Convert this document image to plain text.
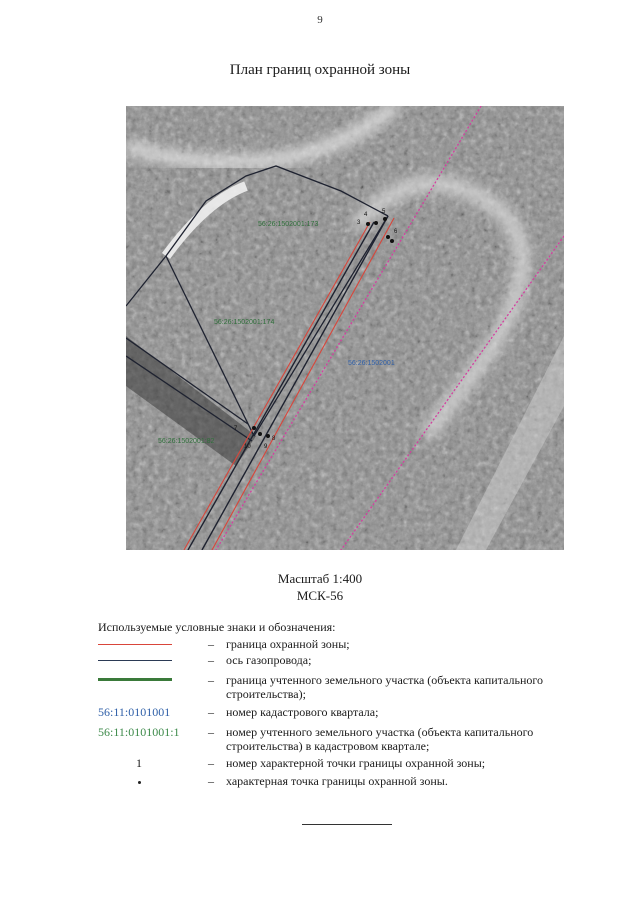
9
План границ охранной зоны
3
4 5
6
7
8
9
10
56:26:1502001:173
56:26:1502001:174
56:26:1502001:82
56:26:1502001
Масштаб 1:400
МСК-56
Используемые условные знаки и обозначения:
– граница охранной зоны;
– ось газопровода;
– граница учтенного земельного участка (объекта капитального строительства);
56:11:0101001	– номер кадастрового квартала;
56:11:0101001:1 – номер учтенного земельного участка (объекта капитального строительства) в кадастровом квартале;
1	– номер характерной точки границы охранной зоны;
– характерная точка границы охранной зоны.
